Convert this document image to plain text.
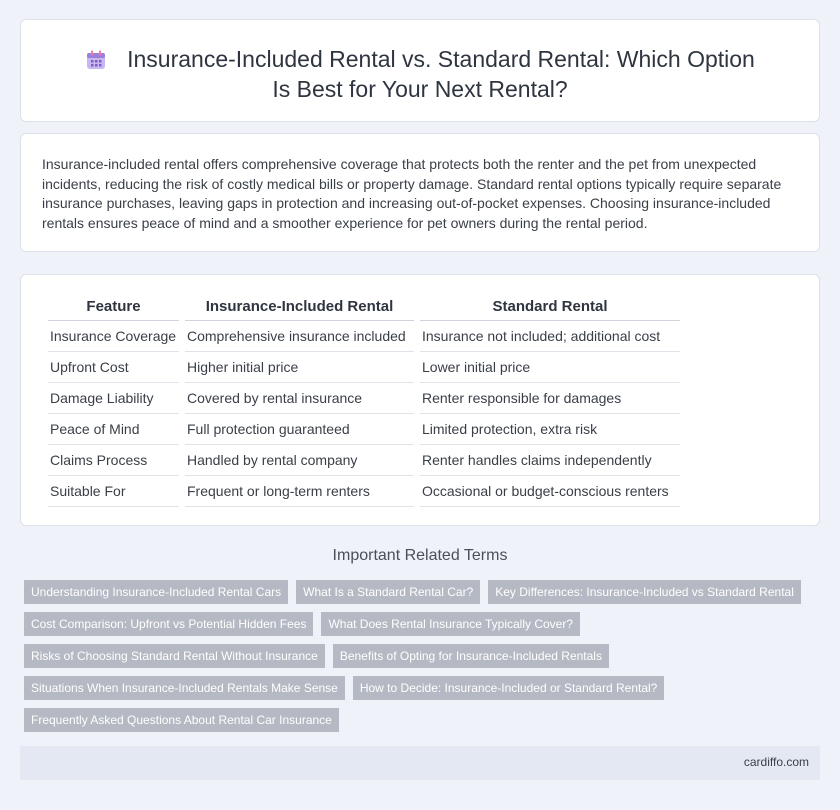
Insurance-Included Rental vs. Standard Rental: Which Option Is Best for Your Next Rental?

Insurance-included rental offers comprehensive coverage that protects both the renter and the pet from unexpected incidents, reducing the risk of costly medical bills or property damage. Standard rental options typically require separate insurance purchases, leaving gaps in protection and increasing out-of-pocket expenses. Choosing insurance-included rentals ensures peace of mind and a smoother experience for pet owners during the rental period.

Feature	Insurance-Included Rental	Standard Rental
Insurance Coverage	Comprehensive insurance included	Insurance not included; additional cost
Upfront Cost	Higher initial price	Lower initial price
Damage Liability	Covered by rental insurance	Renter responsible for damages
Peace of Mind	Full protection guaranteed	Limited protection, extra risk
Claims Process	Handled by rental company	Renter handles claims independently
Suitable For	Frequent or long-term renters	Occasional or budget-conscious renters
Important Related Terms
Understanding Insurance-Included Rental Cars	What Is a Standard Rental Car?	Key Differences: Insurance-Included vs Standard Rental
Cost Comparison: Upfront vs Potential Hidden Fees	What Does Rental Insurance Typically Cover?
Risks of Choosing Standard Rental Without Insurance	Benefits of Opting for Insurance-Included Rentals
Situations When Insurance-Included Rentals Make Sense	How to Decide: Insurance-Included or Standard Rental?
Frequently Asked Questions About Rental Car Insurance
cardiffo.com
